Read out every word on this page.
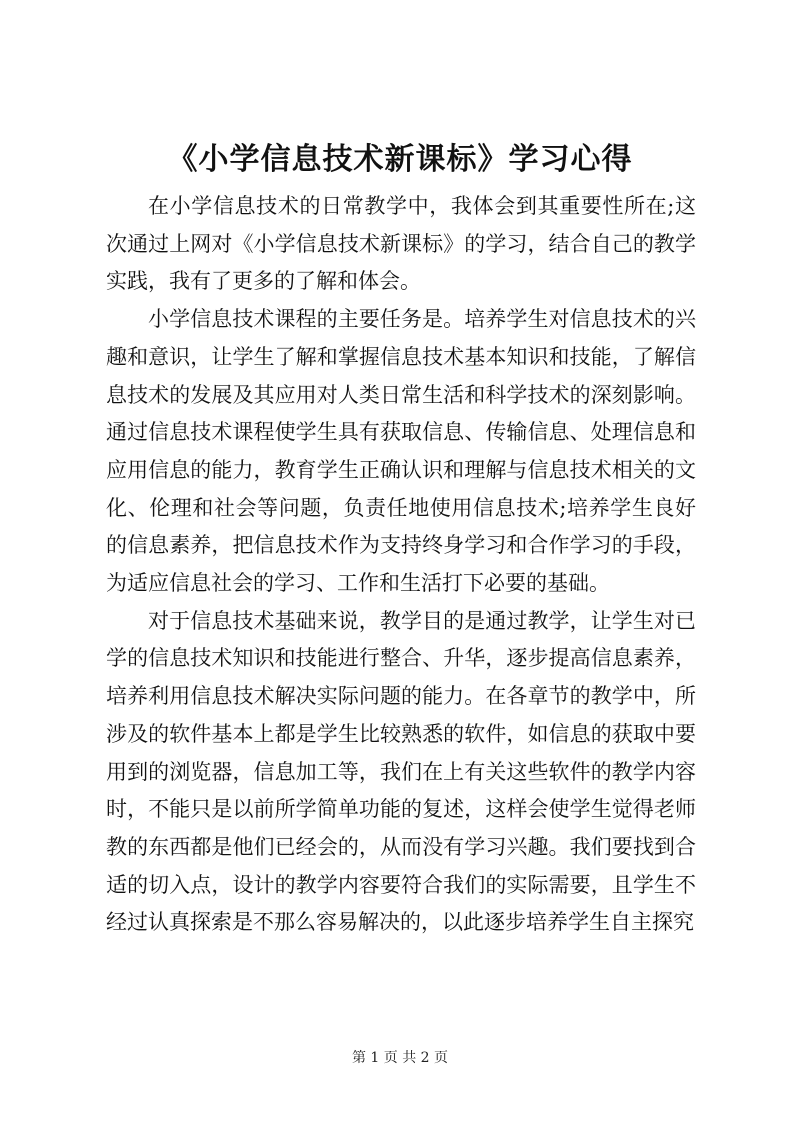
《小学信息技术新课标》学习心得

在小学信息技术的日常教学中，我体会到其重要性所在;这次通过上网对《小学信息技术新课标》的学习，结合自己的教学实践，我有了更多的了解和体会。

小学信息技术课程的主要任务是。培养学生对信息技术的兴趣和意识，让学生了解和掌握信息技术基本知识和技能，了解信息技术的发展及其应用对人类日常生活和科学技术的深刻影响。通过信息技术课程使学生具有获取信息、传输信息、处理信息和应用信息的能力，教育学生正确认识和理解与信息技术相关的文化、伦理和社会等问题，负责任地使用信息技术;培养学生良好的信息素养，把信息技术作为支持终身学习和合作学习的手段，为适应信息社会的学习、工作和生活打下必要的基础。

对于信息技术基础来说，教学目的是通过教学，让学生对已学的信息技术知识和技能进行整合、升华，逐步提高信息素养，培养利用信息技术解决实际问题的能力。在各章节的教学中，所涉及的软件基本上都是学生比较熟悉的软件，如信息的获取中要用到的浏览器，信息加工等，我们在上有关这些软件的教学内容时，不能只是以前所学简单功能的复述，这样会使学生觉得老师教的东西都是他们已经会的，从而没有学习兴趣。我们要找到合适的切入点，设计的教学内容要符合我们的实际需要，且学生不经过认真探索是不那么容易解决的，以此逐步培养学生自主探究

第 1 页 共 2 页
